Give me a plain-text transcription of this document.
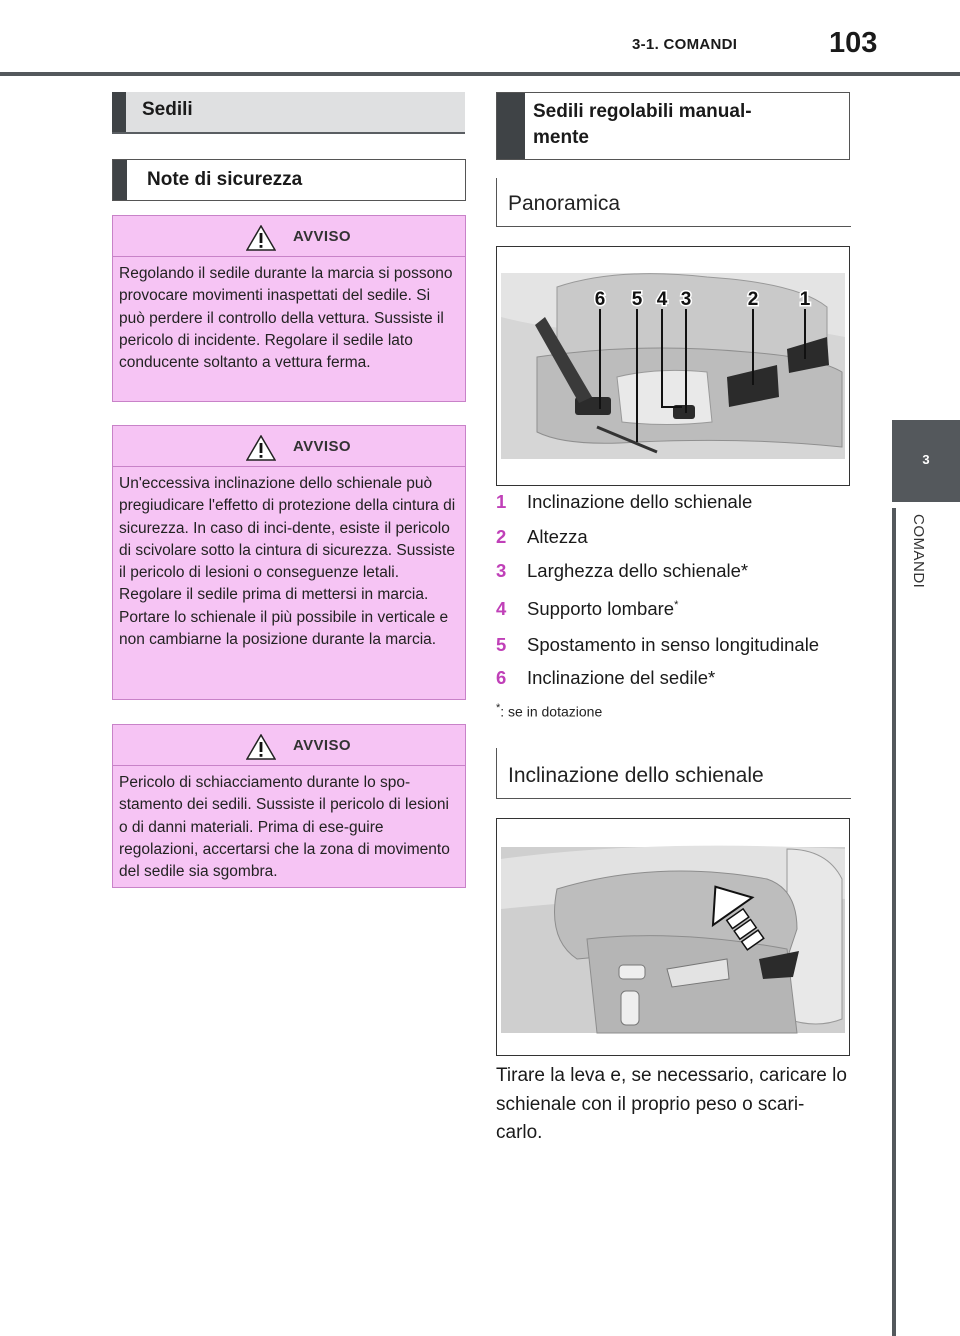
3-1. COMANDI	103
3
COMANDI
Sedili
Note di sicurezza
AVVISO
Regolando il sedile durante la marcia si possono provocare movimenti inaspettati del sedile. Si può perdere il controllo della vettura. Sussiste il pericolo di incidente. Regolare il sedile lato conducente soltanto a vettura ferma.
AVVISO
Un'eccessiva inclinazione dello schienale può pregiudicare l'effetto di protezione della cintura di sicurezza. In caso di inci-dente, esiste il pericolo di scivolare sotto la cintura di sicurezza. Sussiste il pericolo di lesioni o conseguenze letali. Regolare il sedile prima di mettersi in marcia. Portare lo schienale il più possibile in verticale e non cambiarne la posizione durante la marcia.
AVVISO
Pericolo di schiacciamento durante lo spo-stamento dei sedili. Sussiste il pericolo di lesioni o di danni materiali. Prima di ese-guire regolazioni, accertarsi che la zona di movimento del sedile sia sgombra.
Sedili regolabili manual-
mente
Panoramica
6 5 4 3	2 1
1 Inclinazione dello schienale
2 Altezza
3 Larghezza dello schienale*
4 Supporto lombare*
5 Spostamento in senso longitudinale
6 Inclinazione del sedile*
*: se in dotazione
Inclinazione dello schienale
Tirare la leva e, se necessario, caricare lo schienale con il proprio peso o scari-carlo.
